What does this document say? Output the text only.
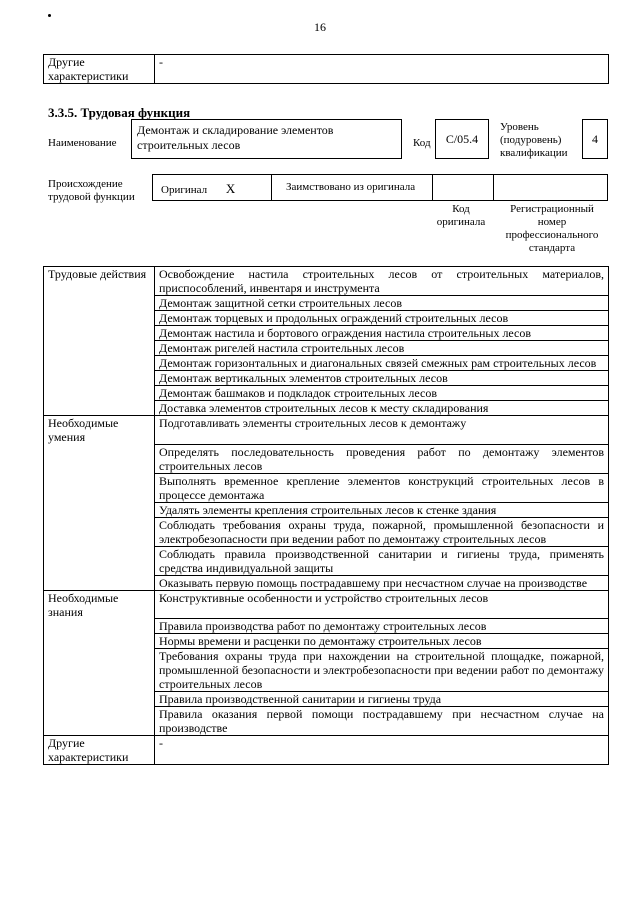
16
Другие характеристики	-
3.3.5. Трудовая функция
Наименование
Демонтаж и складирование элементов строительных лесов	Код	C/05.4
Уровень (подуровень) квалификации
4
Происхождение трудовой функции
Оригинал X	Заимствовано из оригинала
Код оригинала
Регистрационный номер профессионального стандарта
Трудовые действия	Освобождение настила строительных лесов от строительных материалов, приспособлений, инвентаря и инструмента
	Демонтаж защитной сетки строительных лесов
	Демонтаж торцевых и продольных ограждений строительных лесов
	Демонтаж настила и бортового ограждения настила строительных лесов
	Демонтаж ригелей настила строительных лесов
	Демонтаж горизонтальных и диагональных связей смежных рам строительных лесов
	Демонтаж вертикальных элементов строительных лесов
	Демонтаж башмаков и подкладок строительных лесов
	Доставка элементов строительных лесов к месту складирования
Необходимые умения	Подготавливать элементы строительных лесов к демонтажу
	Определять последовательность проведения работ по демонтажу элементов строительных лесов
	Выполнять временное крепление элементов конструкций строительных лесов в процессе демонтажа
	Удалять элементы крепления строительных лесов к стенке здания
	Соблюдать требования охраны труда, пожарной, промышленной безопасности и электробезопасности при ведении работ по демонтажу строительных лесов
	Соблюдать правила производственной санитарии и гигиены труда, применять средства индивидуальной защиты
	Оказывать первую помощь пострадавшему при несчастном случае на производстве
Необходимые знания	Конструктивные особенности и устройство строительных лесов
	Правила производства работ по демонтажу строительных лесов
	Нормы времени и расценки по демонтажу строительных лесов
	Требования охраны труда при нахождении на строительной площадке, пожарной, промышленной безопасности и электробезопасности при ведении работ по демонтажу строительных лесов
	Правила производственной санитарии и гигиены труда
	Правила оказания первой помощи пострадавшему при несчастном случае на производстве
Другие характеристики	-
